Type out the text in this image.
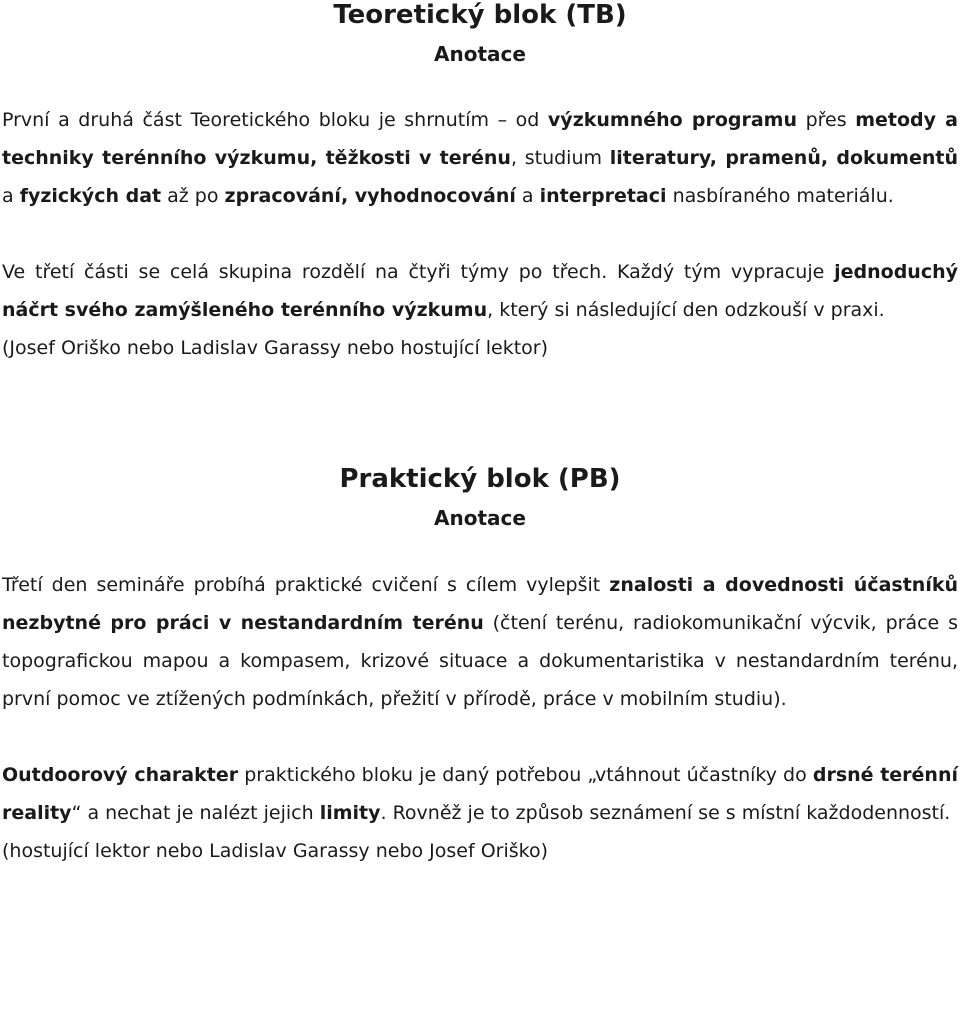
Teoretický blok (TB)
Anotace

První a druhá část Teoretického bloku je shrnutím – od výzkumného programu přes metody a techniky terénního výzkumu, těžkosti v terénu, studium literatury, pramenů, dokumentů a fyzických dat až po zpracování, vyhodnocování a interpretaci nasbíraného materiálu.

Ve třetí části se celá skupina rozdělí na čtyři týmy po třech. Každý tým vypracuje jednoduchý náčrt svého zamýšleného terénního výzkumu, který si následující den odzkouší v praxi.

(Josef Oriško nebo Ladislav Garassy nebo hostující lektor)

Praktický blok (PB)
Anotace

Třetí den semináře probíhá praktické cvičení s cílem vylepšit znalosti a dovednosti účastníků nezbytné pro práci v nestandardním terénu (čtení terénu, radiokomunikační výcvik, práce s topografickou mapou a kompasem, krizové situace a dokumentaristika v nestandardním terénu, první pomoc ve ztížených podmínkách, přežití v přírodě, práce v mobilním studiu).

Outdoorový charakter praktického bloku je daný potřebou „vtáhnout účastníky do drsné terénní reality“ a nechat je nalézt jejich limity. Rovněž je to způsob seznámení se s místní každodenností.

(hostující lektor nebo Ladislav Garassy nebo Josef Oriško)
